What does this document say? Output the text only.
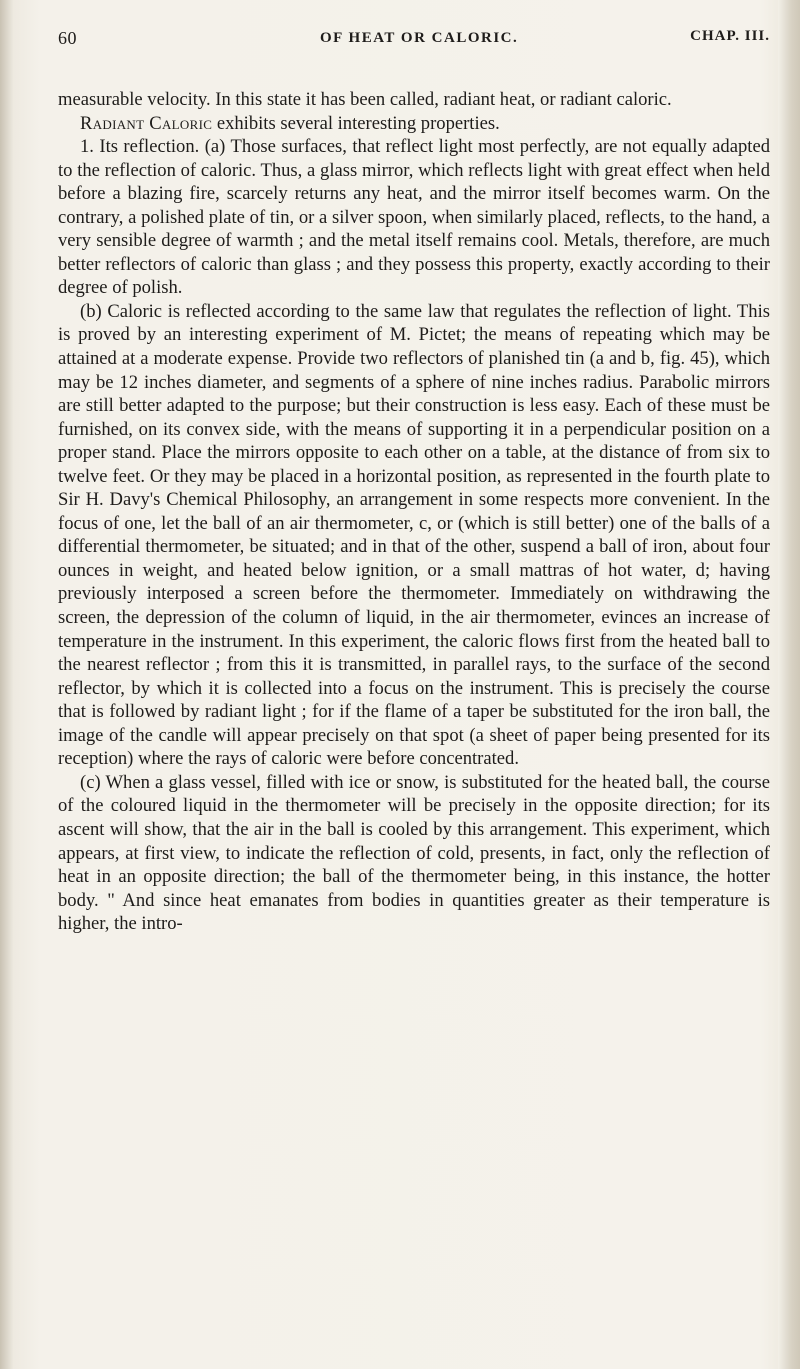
60	OF HEAT OR CALORIC.	CHAP. III.

measurable velocity. In this state it has been called, radiant heat, or radiant caloric.

Radiant Caloric exhibits several interesting properties.

1. Its reflection. (a) Those surfaces, that reflect light most perfectly, are not equally adapted to the reflection of caloric. Thus, a glass mirror, which reflects light with great effect when held before a blazing fire, scarcely returns any heat, and the mirror itself becomes warm. On the contrary, a polished plate of tin, or a silver spoon, when similarly placed, reflects, to the hand, a very sensible degree of warmth ; and the metal itself remains cool. Metals, therefore, are much better reflectors of caloric than glass ; and they possess this property, exactly according to their degree of polish.

(b) Caloric is reflected according to the same law that regulates the reflection of light. This is proved by an interesting experiment of M. Pictet; the means of repeating which may be attained at a moderate expense. Provide two reflectors of planished tin (a and b, fig. 45), which may be 12 inches diameter, and segments of a sphere of nine inches radius. Parabolic mirrors are still better adapted to the purpose; but their construction is less easy. Each of these must be furnished, on its convex side, with the means of supporting it in a perpendicular position on a proper stand. Place the mirrors opposite to each other on a table, at the distance of from six to twelve feet. Or they may be placed in a horizontal position, as represented in the fourth plate to Sir H. Davy's Chemical Philosophy, an arrangement in some respects more convenient. In the focus of one, let the ball of an air thermometer, c, or (which is still better) one of the balls of a differential thermometer, be situated; and in that of the other, suspend a ball of iron, about four ounces in weight, and heated below ignition, or a small mattras of hot water, d; having previously interposed a screen before the thermometer. Immediately on withdrawing the screen, the depression of the column of liquid, in the air thermometer, evinces an increase of temperature in the instrument. In this experiment, the caloric flows first from the heated ball to the nearest reflector ; from this it is transmitted, in parallel rays, to the surface of the second reflector, by which it is collected into a focus on the instrument. This is precisely the course that is followed by radiant light ; for if the flame of a taper be substituted for the iron ball, the image of the candle will appear precisely on that spot (a sheet of paper being presented for its reception) where the rays of caloric were before concentrated.

(c) When a glass vessel, filled with ice or snow, is substituted for the heated ball, the course of the coloured liquid in the thermometer will be precisely in the opposite direction; for its ascent will show, that the air in the ball is cooled by this arrangement. This experiment, which appears, at first view, to indicate the reflection of cold, presents, in fact, only the reflection of heat in an opposite direction; the ball of the thermometer being, in this instance, the hotter body. " And since heat emanates from bodies in quantities greater as their temperature is higher, the intro-
